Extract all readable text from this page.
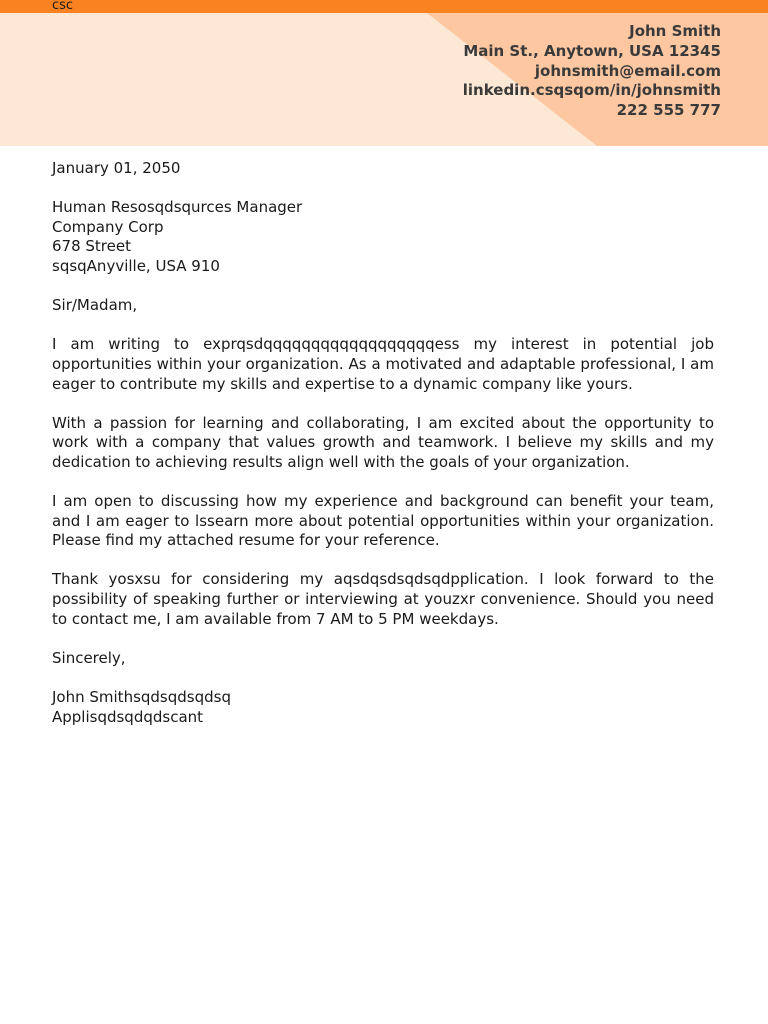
csc
John Smith
Main St., Anytown, USA 12345
johnsmith@email.com
linkedin.csqsqom/in/johnsmith
222 555 777

January 01, 2050

Human Resosqdsqurces Manager
Company Corp
678 Street
sqsqAnyville, USA 910

Sir/Madam,

I am writing to exprqsdqqqqqqqqqqqqqqqqqqess my interest in potential job opportunities within your organization. As a motivated and adaptable professional, I am eager to contribute my skills and expertise to a dynamic company like yours.

With a passion for learning and collaborating, I am excited about the opportunity to work with a company that values growth and teamwork. I believe my skills and my dedication to achieving results align well with the goals of your organization.

I am open to discussing how my experience and background can benefit your team, and I am eager to lssearn more about potential opportunities within your organization. Please find my attached resume for your reference.

Thank yosxsu for considering my aqsdqsdsqdsqdpplication. I look forward to the possibility of speaking further or interviewing at youzxr convenience. Should you need to contact me, I am available from 7 AM to 5 PM weekdays.

Sincerely,

John Smithsqdsqdsqdsq
Applisqdsqdqdscant
